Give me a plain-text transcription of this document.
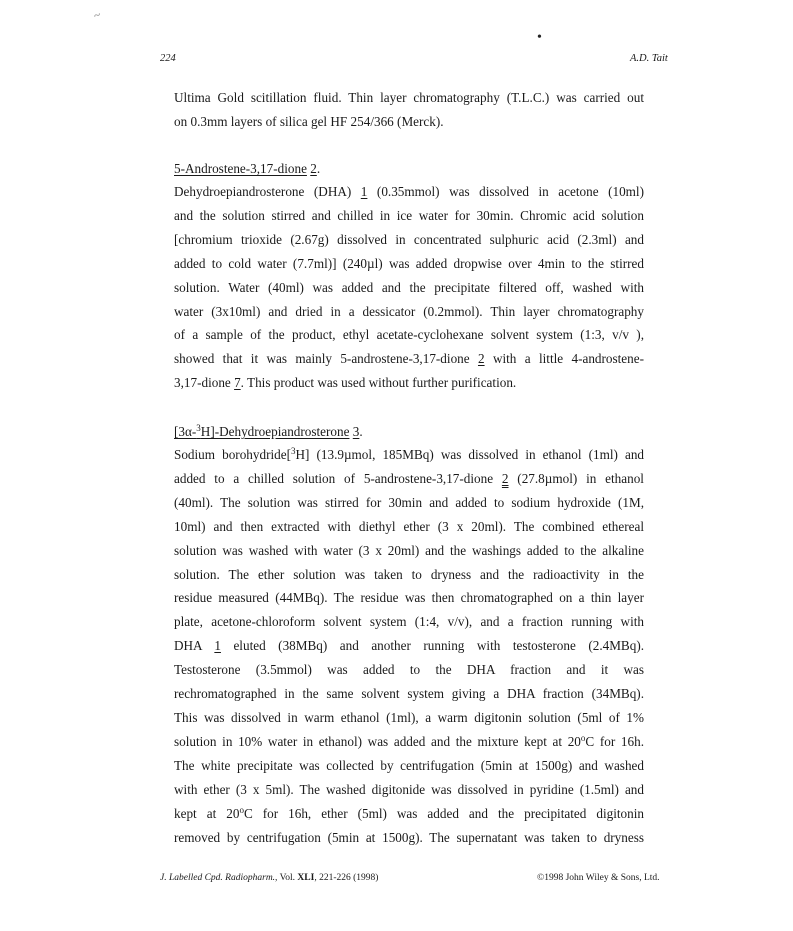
~
•
224	A.D. Tait
Ultima Gold scitillation fluid. Thin layer chromatography (T.L.C.) was carried out
on 0.3mm layers of silica gel HF 254/366 (Merck).
5-Androstene-3,17-dione 2.
Dehydroepiandrosterone (DHA) 1 (0.35mmol) was dissolved in acetone (10ml)
and the solution stirred and chilled in ice water for 30min. Chromic acid solution
[chromium trioxide (2.67g) dissolved in concentrated sulphuric acid (2.3ml) and
added to cold water (7.7ml)] (240µl) was added dropwise over 4min to the stirred
solution. Water (40ml) was added and the precipitate filtered off, washed with
water (3x10ml) and dried in a dessicator (0.2mmol). Thin layer chromatography
of a sample of the product, ethyl acetate-cyclohexane solvent system (1:3, v/v ),
showed that it was mainly 5-androstene-3,17-dione 2 with a little 4-androstene-
3,17-dione 7. This product was used without further purification.
[3α-$^3$H]-Dehydroepiandrosterone 3.
Sodium borohydride[$^3$H] (13.9µmol, 185MBq) was dissolved in ethanol (1ml) and
added to a chilled solution of 5-androstene-3,17-dione 2 (27.8µmol) in ethanol
(40ml). The solution was stirred for 30min and added to sodium hydroxide (1M,
10ml) and then extracted with diethyl ether (3 x 20ml). The combined ethereal
solution was washed with water (3 x 20ml) and the washings added to the alkaline
solution. The ether solution was taken to dryness and the radioactivity in the
residue measured (44MBq). The residue was then chromatographed on a thin layer
plate, acetone-chloroform solvent system (1:4, v/v), and a fraction running with
DHA 1 eluted (38MBq) and another running with testosterone (2.4MBq).
Testosterone (3.5mmol) was added to the DHA fraction and it was
rechromatographed in the same solvent system giving a DHA fraction (34MBq).
This was dissolved in warm ethanol (1ml), a warm digitonin solution (5ml of 1%
solution in 10% water in ethanol) was added and the mixture kept at 20$^o$C for 16h.
The white precipitate was collected by centrifugation (5min at 1500g) and washed
with ether (3 x 5ml). The washed digitonide was dissolved in pyridine (1.5ml) and
kept at 20$^o$C for 16h, ether (5ml) was added and the precipitated digitonin
removed by centrifugation (5min at 1500g). The supernatant was taken to dryness
J. Labelled Cpd. Radiopharm., Vol. XLI, 221-226 (1998)	©1998 John Wiley & Sons, Ltd.
